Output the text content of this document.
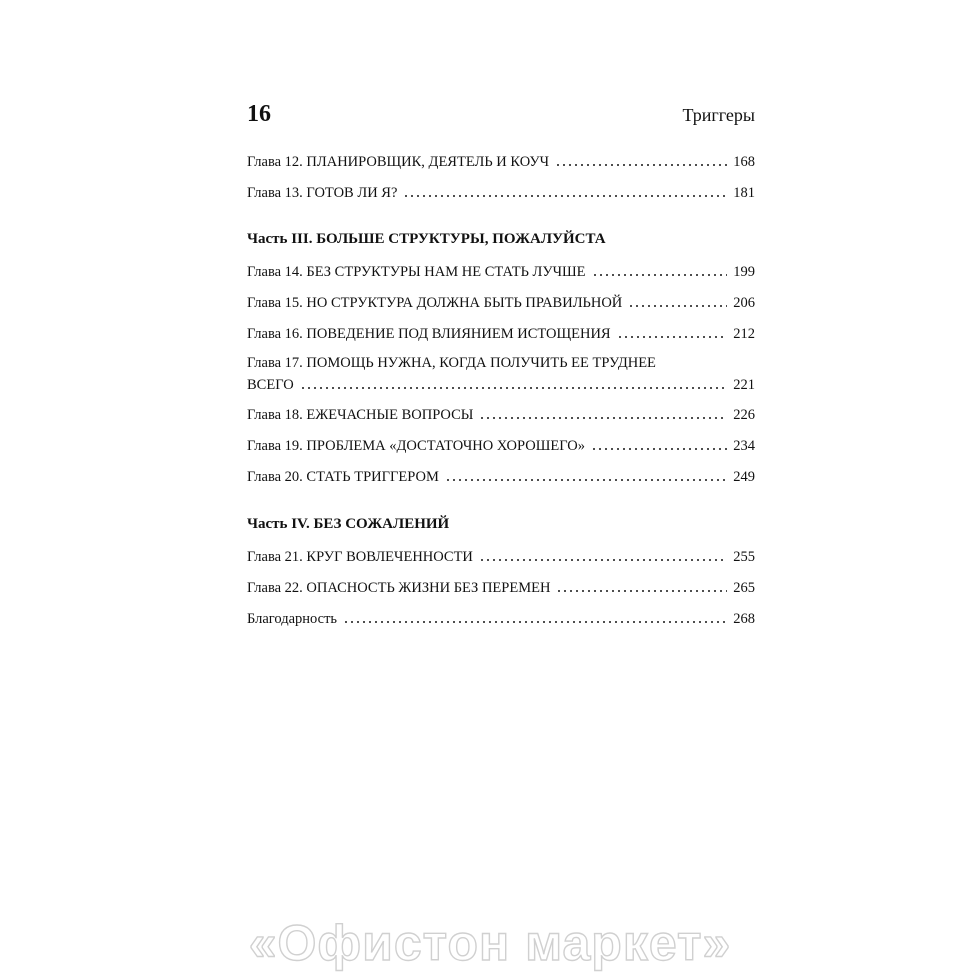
16	Триггеры
Глава 12. ПЛАНИРОВЩИК, ДЕЯТЕЛЬ И КОУЧ	168
Глава 13. ГОТОВ ЛИ Я?	181
Часть III. БОЛЬШЕ СТРУКТУРЫ, ПОЖАЛУЙСТА
Глава 14. БЕЗ СТРУКТУРЫ НАМ НЕ СТАТЬ ЛУЧШЕ	199
Глава 15. НО СТРУКТУРА ДОЛЖНА БЫТЬ ПРАВИЛЬНОЙ	206
Глава 16. ПОВЕДЕНИЕ ПОД ВЛИЯНИЕМ ИСТОЩЕНИЯ	212
Глава 17. ПОМОЩЬ НУЖНА, КОГДА ПОЛУЧИТЬ ЕЕ ТРУДНЕЕ
ВСЕГО	221
Глава 18. ЕЖЕЧАСНЫЕ ВОПРОСЫ	226
Глава 19. ПРОБЛЕМА «ДОСТАТОЧНО ХОРОШЕГО»	234
Глава 20. СТАТЬ ТРИГГЕРОМ	249
Часть IV. БЕЗ СОЖАЛЕНИЙ
Глава 21. КРУГ ВОВЛЕЧЕННОСТИ	255
Глава 22. ОПАСНОСТЬ ЖИЗНИ БЕЗ ПЕРЕМЕН	265
Благодарность	268
«Офистон маркет»
